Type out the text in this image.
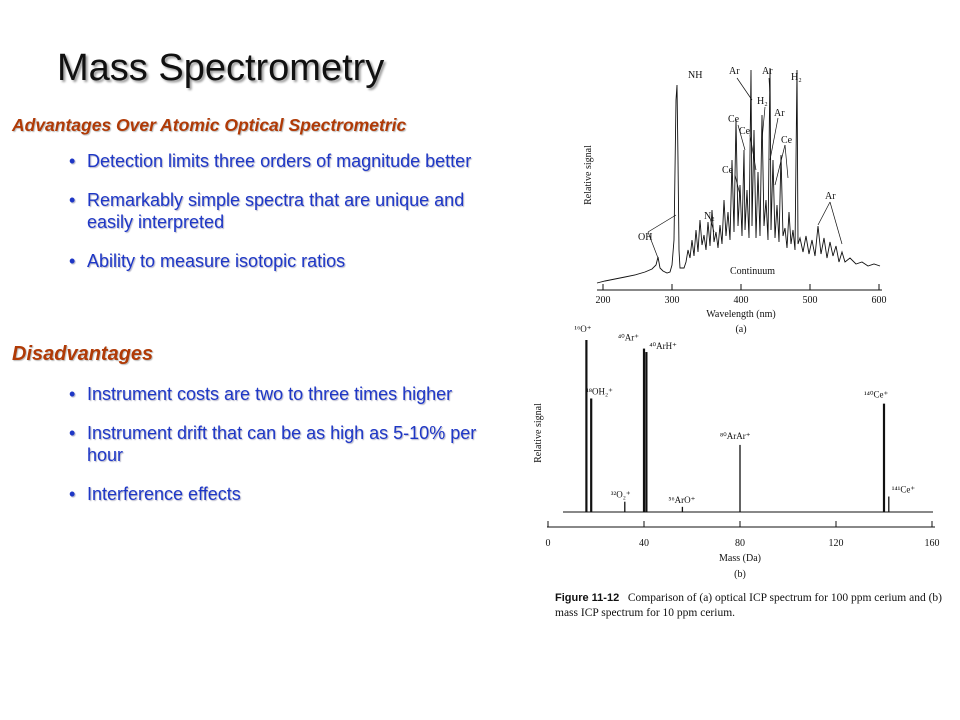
Mass Spectrometry
Advantages Over Atomic Optical Spectrometric
• Detection limits three orders of magnitude better
• Remarkably simple spectra that are unique and easily interpreted
• Ability to measure isotopic ratios
Disadvantages
• Instrument costs are two to three times higher
• Instrument drift that can be as high as 5-10% per hour
• Interference effects
200	300	400	500	600
Wavelength (nm)
(a)
Relative signal
NH	Ar Ar
H₂
H₂
Ar
Ce
Ce
Ce
Ce
N₂
Ar
OH
Continuum
0	40	80	120	160
Mass (Da)
(b)
Relative signal
¹⁶O⁺
¹⁸OH₂⁺
³²O₂⁺
⁴⁰Ar⁺
⁴⁰ArH⁺
⁵⁶ArO⁺
⁸⁰ArAr⁺
¹⁴⁰Ce⁺
¹⁴¹Ce⁺
Figure 11-12 Comparison of (a) optical ICP spectrum for 100 ppm cerium and (b) mass ICP spectrum for 10 ppm cerium.
